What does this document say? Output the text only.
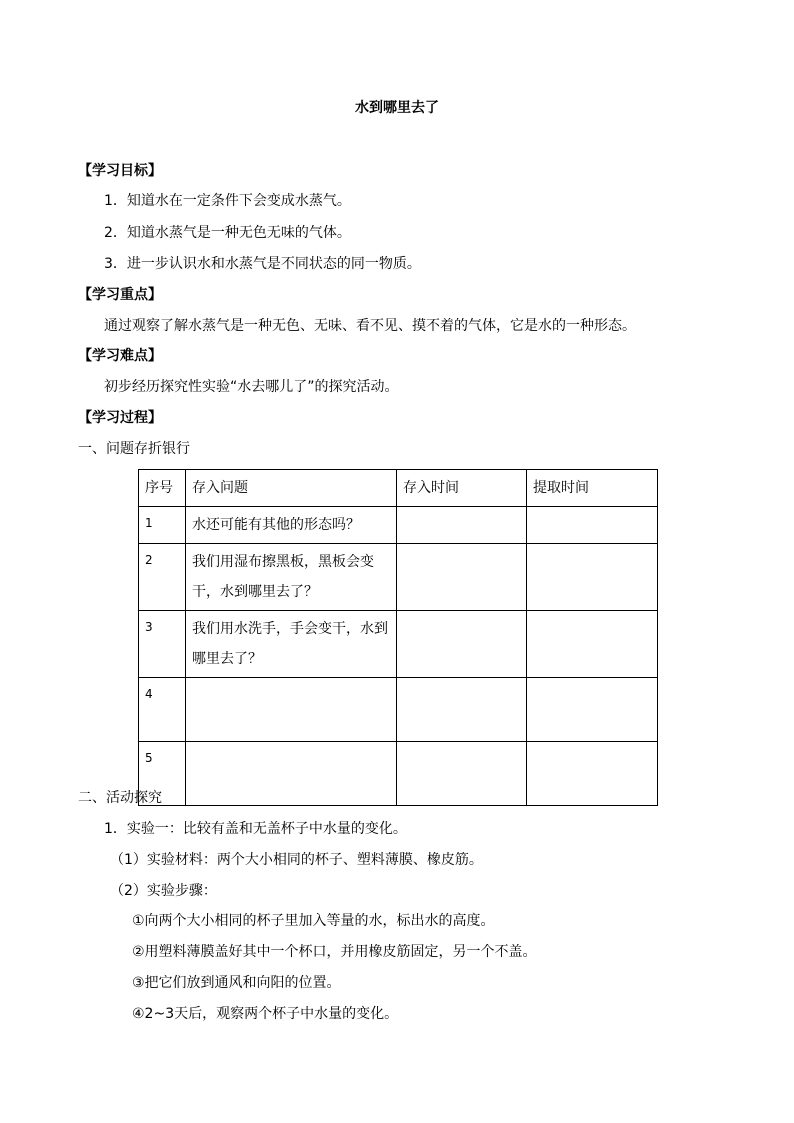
水到哪里去了
【学习目标】
1．知道水在一定条件下会变成水蒸气。
2．知道水蒸气是一种无色无味的气体。
3．进一步认识水和水蒸气是不同状态的同一物质。
【学习重点】
通过观察了解水蒸气是一种无色、无味、看不见、摸不着的气体，它是水的一种形态。
【学习难点】
初步经历探究性实验“水去哪儿了”的探究活动。
【学习过程】
一、问题存折银行
序号	存入问题	存入时间	提取时间
1	水还可能有其他的形态吗？		
2	我们用湿布擦黑板，黑板会变干，水到哪里去了？		
3	我们用水洗手，手会变干，水到哪里去了？		
4			
5			
二、活动探究
1．实验一：比较有盖和无盖杯子中水量的变化。
（1）实验材料：两个大小相同的杯子、塑料薄膜、橡皮筋。
（2）实验步骤：
①向两个大小相同的杯子里加入等量的水，标出水的高度。
②用塑料薄膜盖好其中一个杯口，并用橡皮筋固定，另一个不盖。
③把它们放到通风和向阳的位置。
④2~3天后，观察两个杯子中水量的变化。
